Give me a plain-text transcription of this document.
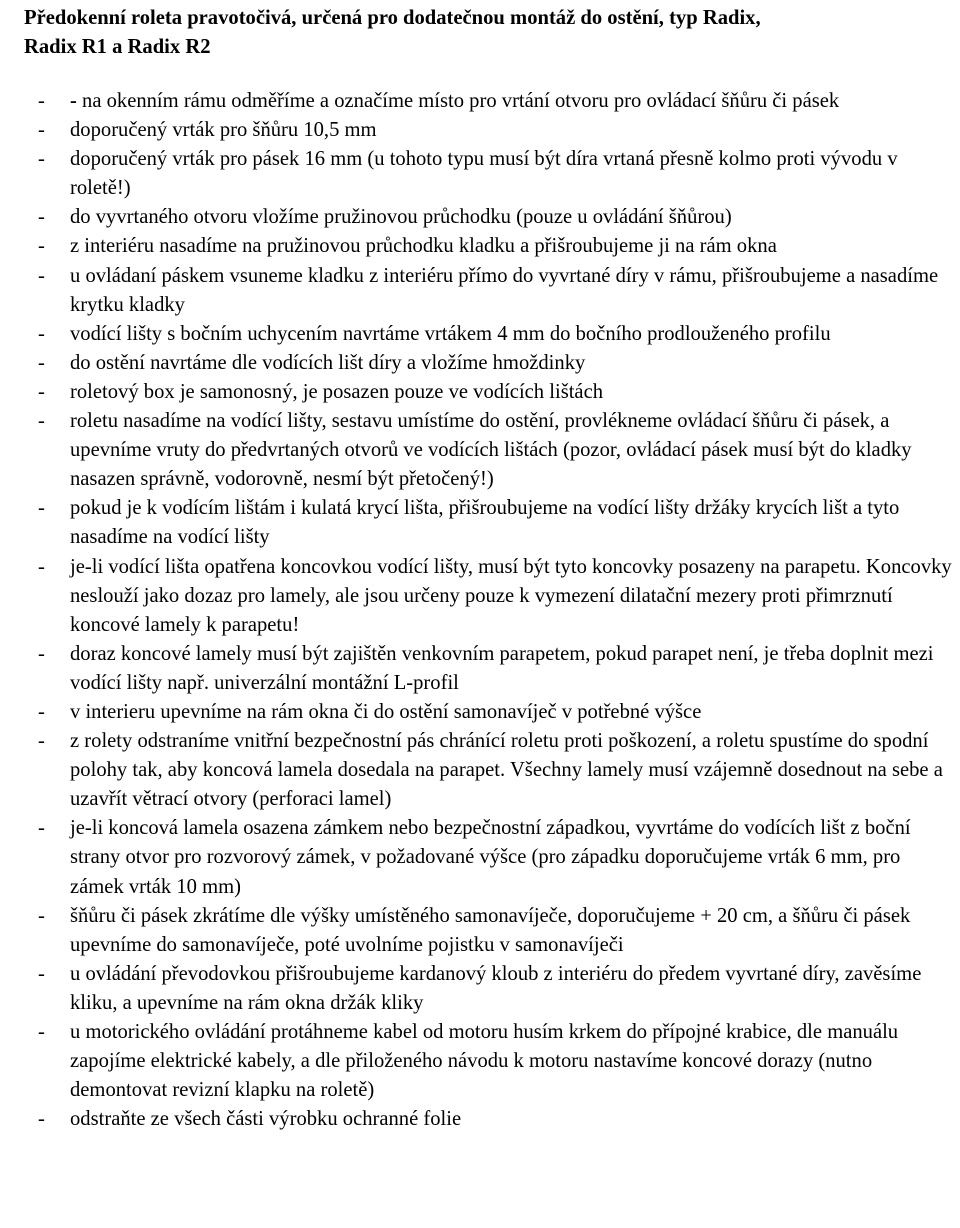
Předokenní roleta pravotočivá, určená pro dodatečnou montáž do ostění, typ Radix,
Radix R1 a Radix R2
- - na okenním rámu odměříme a označíme místo pro vrtání otvoru pro ovládací šňůru či pásek
- doporučený vrták pro šňůru 10,5 mm
- doporučený vrták pro pásek 16 mm (u tohoto typu musí být díra vrtaná přesně kolmo proti vývodu v roletě!)
- do vyvrtaného otvoru vložíme pružinovou průchodku (pouze u ovládání šňůrou)
- z interiéru nasadíme na pružinovou průchodku kladku a přišroubujeme ji na rám okna
- u ovládaní páskem vsuneme kladku z interiéru přímo do vyvrtané díry v rámu, přišroubujeme a nasadíme krytku kladky
- vodící lišty s bočním uchycením navrtáme vrtákem 4 mm do bočního prodlouženého profilu
- do ostění navrtáme dle vodících lišt díry a vložíme hmoždinky
- roletový box je samonosný, je posazen pouze ve vodících lištách
- roletu nasadíme na vodící lišty, sestavu umístíme do ostění, provlékneme ovládací šňůru či pásek, a upevníme vruty do předvrtaných otvorů ve vodících lištách (pozor, ovládací pásek musí být do kladky nasazen správně, vodorovně, nesmí být přetočený!)
- pokud je k vodícím lištám i kulatá krycí lišta, přišroubujeme na vodící lišty držáky krycích lišt a tyto nasadíme na vodící lišty
- je-li vodící lišta opatřena koncovkou vodící lišty, musí být tyto koncovky posazeny na parapetu. Koncovky neslouží jako dozaz pro lamely, ale jsou určeny pouze k vymezení dilatační mezery proti přimrznutí koncové lamely k parapetu!
- doraz koncové lamely musí být zajištěn venkovním parapetem, pokud parapet není, je třeba doplnit mezi vodící lišty např. univerzální montážní L-profil
- v interieru upevníme na rám okna či do ostění samonavíječ v potřebné výšce
- z rolety odstraníme vnitřní bezpečnostní pás chránící roletu proti poškození, a roletu spustíme do spodní polohy tak, aby koncová lamela dosedala na parapet. Všechny lamely musí vzájemně dosednout na sebe a uzavřít větrací otvory (perforaci lamel)
- je-li koncová lamela osazena zámkem nebo bezpečnostní západkou, vyvrtáme do vodících lišt z boční strany otvor pro rozvorový zámek, v požadované výšce (pro západku doporučujeme vrták 6 mm, pro zámek vrták 10 mm)
- šňůru či pásek zkrátíme dle výšky umístěného samonavíječe, doporučujeme + 20 cm, a šňůru či pásek upevníme do samonavíječe, poté uvolníme pojistku v samonavíječi
- u ovládání převodovkou přišroubujeme kardanový kloub z interiéru do předem vyvrtané díry, zavěsíme kliku, a upevníme na rám okna držák kliky
- u motorického ovládání protáhneme kabel od motoru husím krkem do přípojné krabice, dle manuálu zapojíme elektrické kabely, a dle přiloženého návodu k motoru nastavíme koncové dorazy (nutno demontovat revizní klapku na roletě)
- odstraňte ze všech části výrobku ochranné folie
